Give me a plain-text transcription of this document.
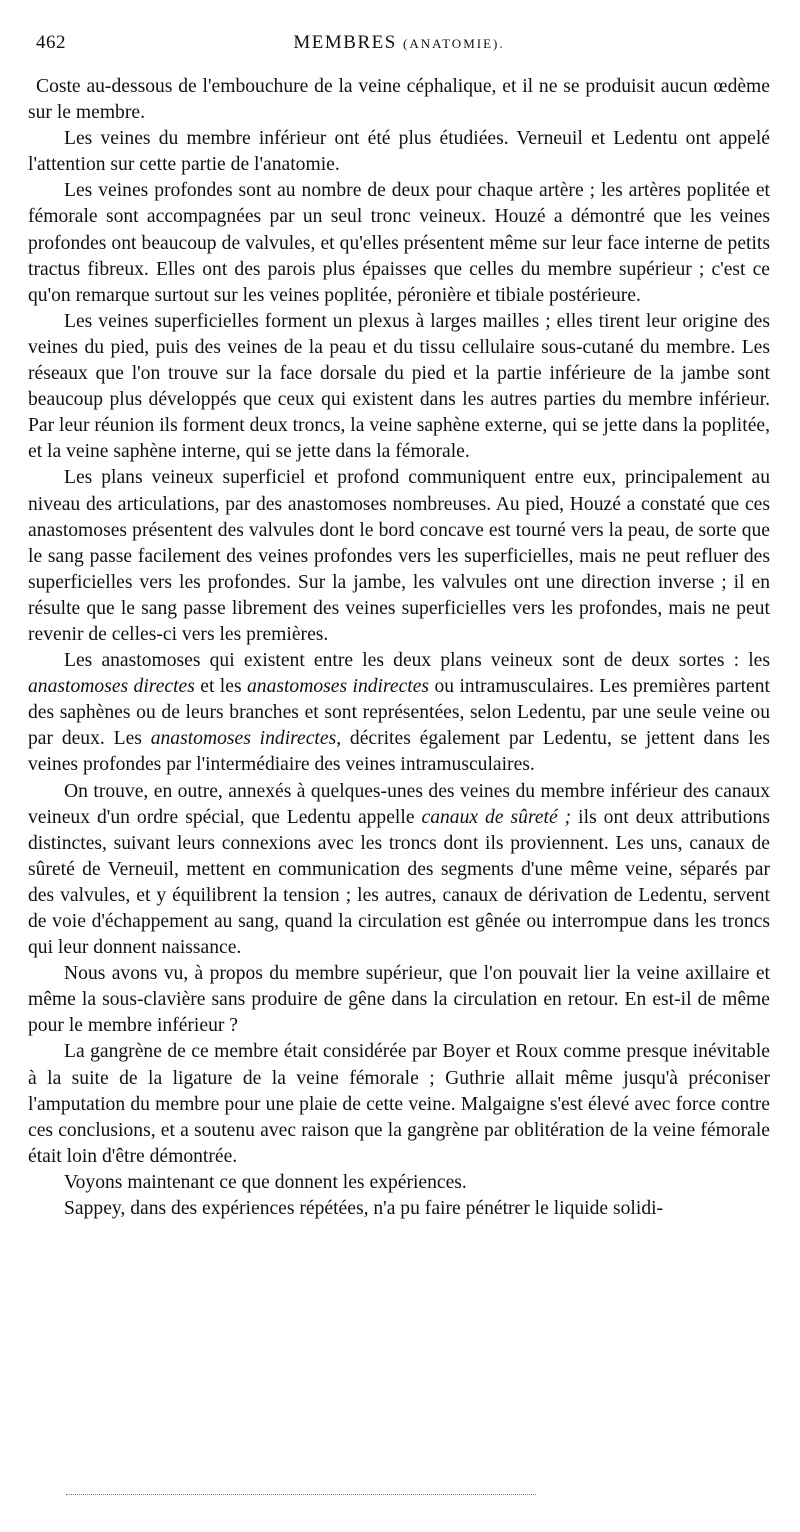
462	MEMBRES (ANATOMIE).

Coste au-dessous de l'embouchure de la veine céphalique, et il ne se produisit aucun œdème sur le membre.

Les veines du membre inférieur ont été plus étudiées. Verneuil et Ledentu ont appelé l'attention sur cette partie de l'anatomie.

Les veines profondes sont au nombre de deux pour chaque artère ; les artères poplitée et fémorale sont accompagnées par un seul tronc veineux. Houzé a démontré que les veines profondes ont beaucoup de valvules, et qu'elles présentent même sur leur face interne de petits tractus fibreux. Elles ont des parois plus épaisses que celles du membre supérieur ; c'est ce qu'on remarque surtout sur les veines poplitée, péronière et tibiale postérieure.

Les veines superficielles forment un plexus à larges mailles ; elles tirent leur origine des veines du pied, puis des veines de la peau et du tissu cellulaire sous-cutané du membre. Les réseaux que l'on trouve sur la face dorsale du pied et la partie inférieure de la jambe sont beaucoup plus développés que ceux qui existent dans les autres parties du membre inférieur. Par leur réunion ils forment deux troncs, la veine saphène externe, qui se jette dans la poplitée, et la veine saphène interne, qui se jette dans la fémorale.

Les plans veineux superficiel et profond communiquent entre eux, principalement au niveau des articulations, par des anastomoses nombreuses. Au pied, Houzé a constaté que ces anastomoses présentent des valvules dont le bord concave est tourné vers la peau, de sorte que le sang passe facilement des veines profondes vers les superficielles, mais ne peut refluer des superficielles vers les profondes. Sur la jambe, les valvules ont une direction inverse ; il en résulte que le sang passe librement des veines superficielles vers les profondes, mais ne peut revenir de celles-ci vers les premières.

Les anastomoses qui existent entre les deux plans veineux sont de deux sortes : les anastomoses directes et les anastomoses indirectes ou intramusculaires. Les premières partent des saphènes ou de leurs branches et sont représentées, selon Ledentu, par une seule veine ou par deux. Les anastomoses indirectes, décrites également par Ledentu, se jettent dans les veines profondes par l'intermédiaire des veines intramusculaires.

On trouve, en outre, annexés à quelques-unes des veines du membre inférieur des canaux veineux d'un ordre spécial, que Ledentu appelle canaux de sûreté ; ils ont deux attributions distinctes, suivant leurs connexions avec les troncs dont ils proviennent. Les uns, canaux de sûreté de Verneuil, mettent en communication des segments d'une même veine, séparés par des valvules, et y équilibrent la tension ; les autres, canaux de dérivation de Ledentu, servent de voie d'échappement au sang, quand la circulation est gênée ou interrompue dans les troncs qui leur donnent naissance.

Nous avons vu, à propos du membre supérieur, que l'on pouvait lier la veine axillaire et même la sous-clavière sans produire de gêne dans la circulation en retour. En est-il de même pour le membre inférieur ?

La gangrène de ce membre était considérée par Boyer et Roux comme presque inévitable à la suite de la ligature de la veine fémorale ; Guthrie allait même jusqu'à préconiser l'amputation du membre pour une plaie de cette veine. Malgaigne s'est élevé avec force contre ces conclusions, et a soutenu avec raison que la gangrène par oblitération de la veine fémorale était loin d'être démontrée.

Voyons maintenant ce que donnent les expériences.

Sappey, dans des expériences répétées, n'a pu faire pénétrer le liquide solidi-
